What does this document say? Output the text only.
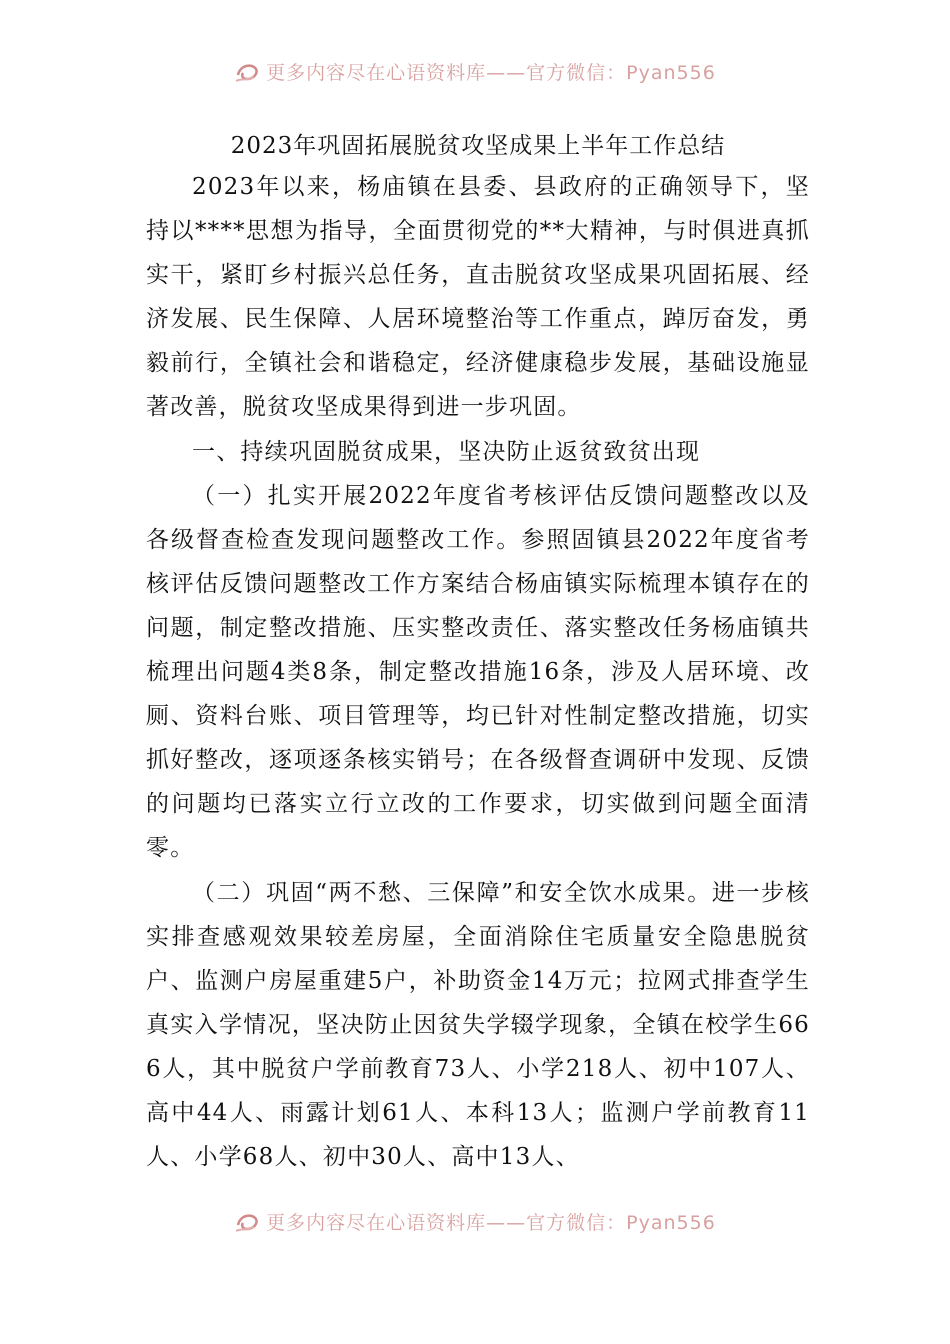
更多内容尽在心语资料库——官方微信：Pyan556

2023年巩固拓展脱贫攻坚成果上半年工作总结

2023年以来，杨庙镇在县委、县政府的正确领导下，坚持以****思想为指导，全面贯彻党的**大精神，与时俱进真抓实干，紧盯乡村振兴总任务，直击脱贫攻坚成果巩固拓展、经济发展、民生保障、人居环境整治等工作重点，踔厉奋发，勇毅前行，全镇社会和谐稳定，经济健康稳步发展，基础设施显著改善，脱贫攻坚成果得到进一步巩固。

一、持续巩固脱贫成果，坚决防止返贫致贫出现

（一）扎实开展2022年度省考核评估反馈问题整改以及各级督查检查发现问题整改工作。参照固镇县2022年度省考核评估反馈问题整改工作方案结合杨庙镇实际梳理本镇存在的问题，制定整改措施、压实整改责任、落实整改任务杨庙镇共梳理出问题4类8条，制定整改措施16条，涉及人居环境、改厕、资料台账、项目管理等，均已针对性制定整改措施，切实抓好整改，逐项逐条核实销号；在各级督查调研中发现、反馈的问题均已落实立行立改的工作要求，切实做到问题全面清零。

（二）巩固“两不愁、三保障”和安全饮水成果。进一步核实排查感观效果较差房屋，全面消除住宅质量安全隐患脱贫户、监测户房屋重建5户，补助资金14万元；拉网式排查学生真实入学情况，坚决防止因贫失学辍学现象，全镇在校学生666人，其中脱贫户学前教育73人、小学218人、初中107人、高中44人、雨露计划61人、本科13人；监测户学前教育11人、小学68人、初中30人、高中13人、

更多内容尽在心语资料库——官方微信：Pyan556
